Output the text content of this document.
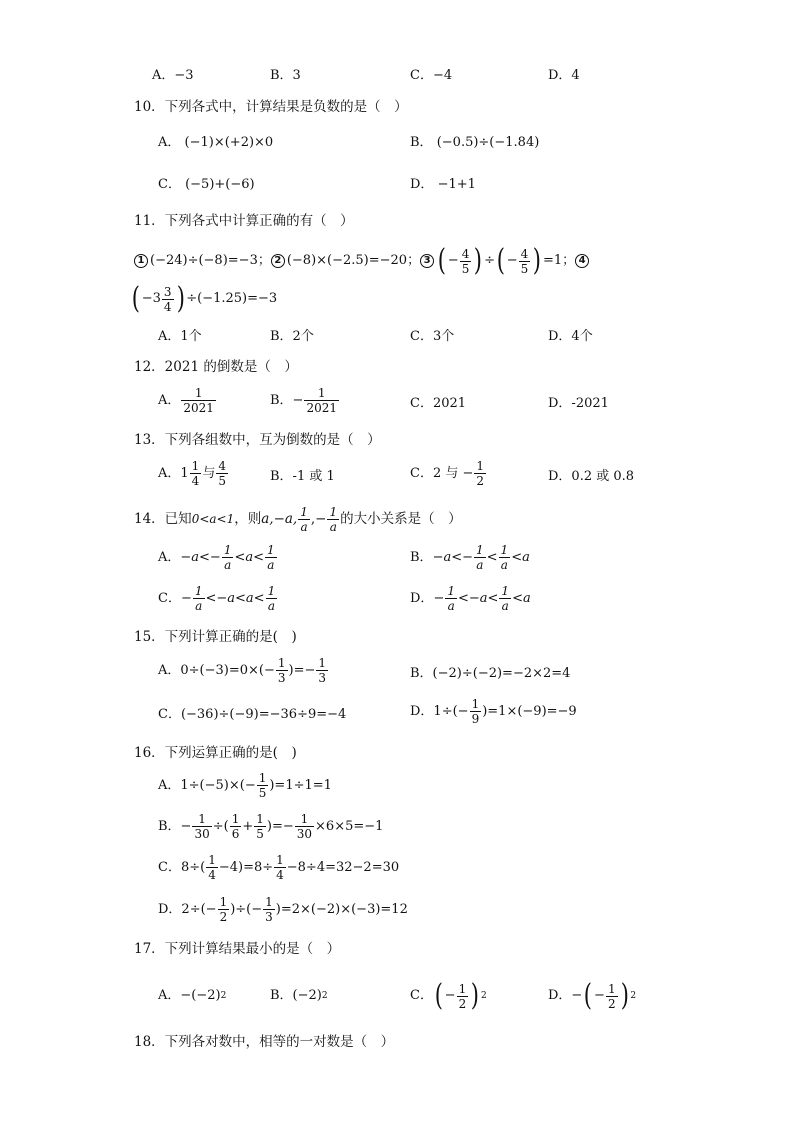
A．−3	B．3	C．−4	D．4
10．下列各式中，计算结果是负数的是（　）
A． (−1)×(+2)×0	B． (−0.5)÷(−1.84)
C． (−5)+(−6)	D． −1+1
11．下列各式中计算正确的有（　）
1 (−24)÷(−8)=−3； 2 (−8)×(−2.5)=−20； 3 ( − $\frac{4}{5}$ ) ÷ ( − $\frac{4}{5}$ ) =1； 4
( $-3 \frac{3}{4}$ ) ÷(−1.25)=−3
A．1个	B．2个	C．3个	D．4个
12．2021 的倒数是（　）
A． $\frac{1}{2021}$	B．− $\frac{1}{2021}$	C．2021	D．-2021
13．下列各组数中，互为倒数的是（　）
A．$1 \frac{1}{4}$ 与 $\frac{4}{5}$	B．-1 或 1	C．2 与 − $\frac{1}{2}$	D．0.2 或 0.8
14．已知 0<a<1 ，则 a,−a, $\frac{1}{a}$ ,− $\frac{1}{a}$ 的大小关系是（　）
A． $-a<- \frac{1}{a} <a< \frac{1}{a}$	B． $-a<- \frac{1}{a} < \frac{1}{a} <a$
C． − $\frac{1}{a} <-a<a< \frac{1}{a}$	D． − $\frac{1}{a} <-a< \frac{1}{a} <a$
15．下列计算正确的是(　)
A．$0\div(-3)=0\times(- \frac{1}{3}$ )=− $\frac{1}{3}$	B．(−2)÷(−2)=−2×2=4
C．(−36)÷(−9)=−36÷9=−4	D．$1\div(- \frac{1}{9} )=1\times(-9)=-9$
16．下列运算正确的是(　)
A．$1\div(-5)\times(- \frac{1}{5} )=1\div 1=1$
B．− $\frac{1}{30}$ ÷( $\frac{1}{6} + \frac{1}{5}$ )=− $\frac{1}{30} \times 6\times 5=-1$
C．$8\div( \frac{1}{4} -4)=8\div \frac{1}{4} -8\div 4=32-2=30$
D．$2\div(- \frac{1}{2}$ )÷(− $\frac{1}{3} )=2\times(-2)\times(-3)=12$
17．下列计算结果最小的是（　）
A．−(−2) 2	B．(−2) 2	C． ( − $\frac{1}{2}$ ) 2	D．− ( − $\frac{1}{2}$ ) 2
18．下列各对数中，相等的一对数是（　）
